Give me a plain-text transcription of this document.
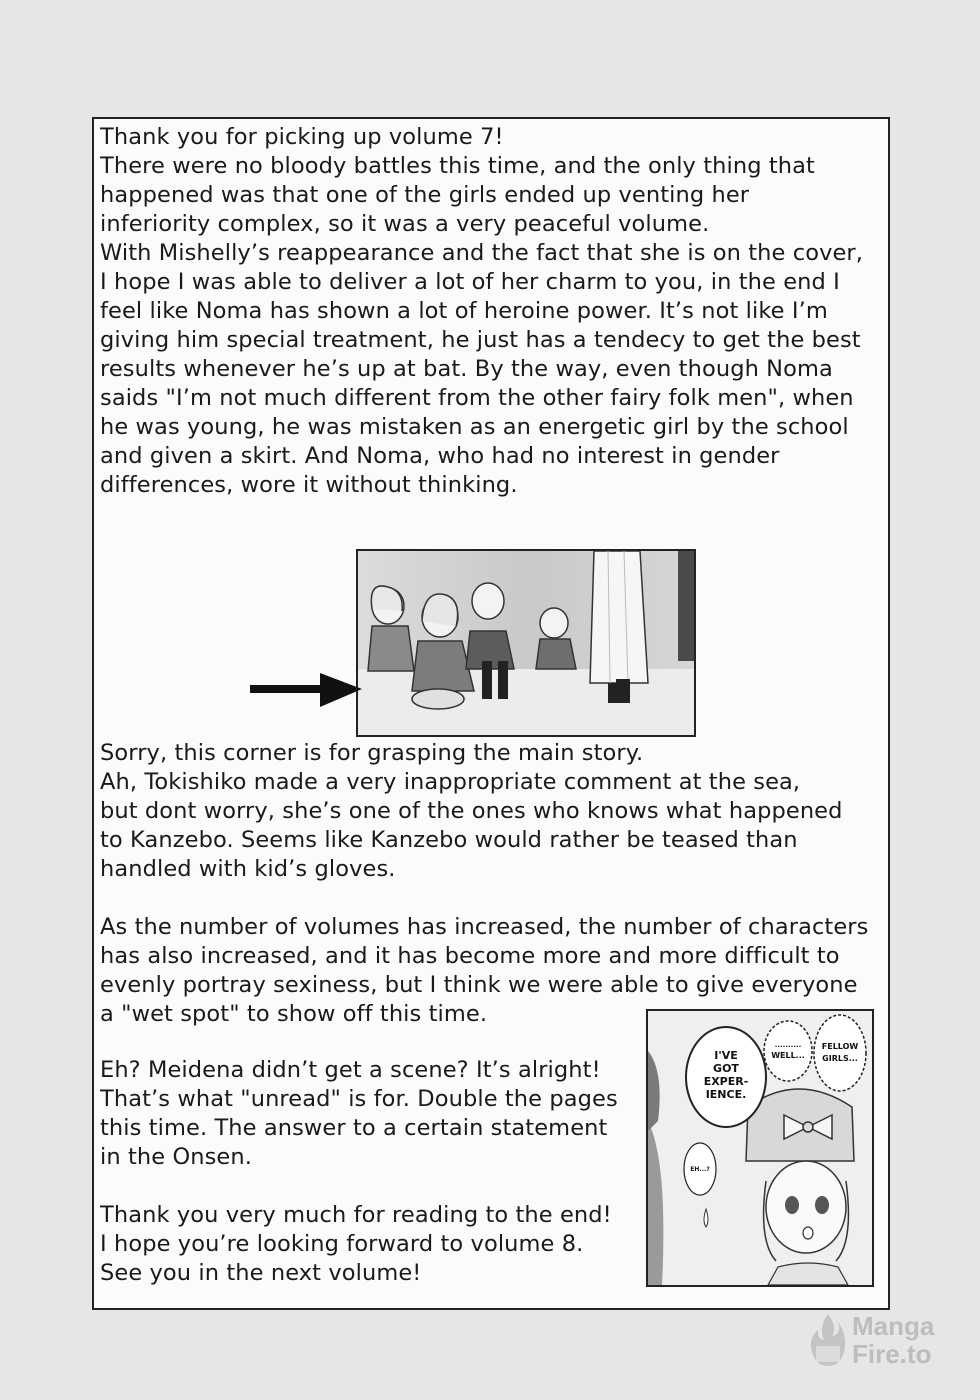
Thank you for picking up volume 7!
There were no bloody battles this time, and the only thing that
happened was that one of the girls ended up venting her
inferiority complex, so it was a very peaceful volume.

With Mishelly’s reappearance and the fact that she is on the cover,
I hope I was able to deliver a lot of her charm to you, in the end I
feel like Noma has shown a lot of heroine power. It’s not like I’m
giving him special treatment, he just has a tendecy to get the best
results whenever he’s up at bat. By the way, even though Noma
saids "I’m not much different from the other fairy folk men", when
he was young, he was mistaken as an energetic girl by the school
and given a skirt. And Noma, who had no interest in gender
differences, wore it without thinking.

Sorry, this corner is for grasping the main story.
Ah, Tokishiko made a very inappropriate comment at the sea,
but dont worry, she’s one of the ones who knows what happened
to Kanzebo. Seems like Kanzebo would rather be teased than
handled with kid’s gloves.

As the number of volumes has increased, the number of characters
has also increased, and it has become more and more difficult to
evenly portray sexiness, but I think we were able to give everyone
a "wet spot" to show off this time.

Eh? Meidena didn’t get a scene? It’s alright!
That’s what "unread" is for. Double the pages
this time. The answer to a certain statement
in the Onsen.

Thank you very much for reading to the end!
I hope you’re looking forward to volume 8.
See you in the next volume!

I'VE
GOT
EXPER-
IENCE.
..........
WELL...
FELLOW
GIRLS...
EH...?
Manga
Fire.to
